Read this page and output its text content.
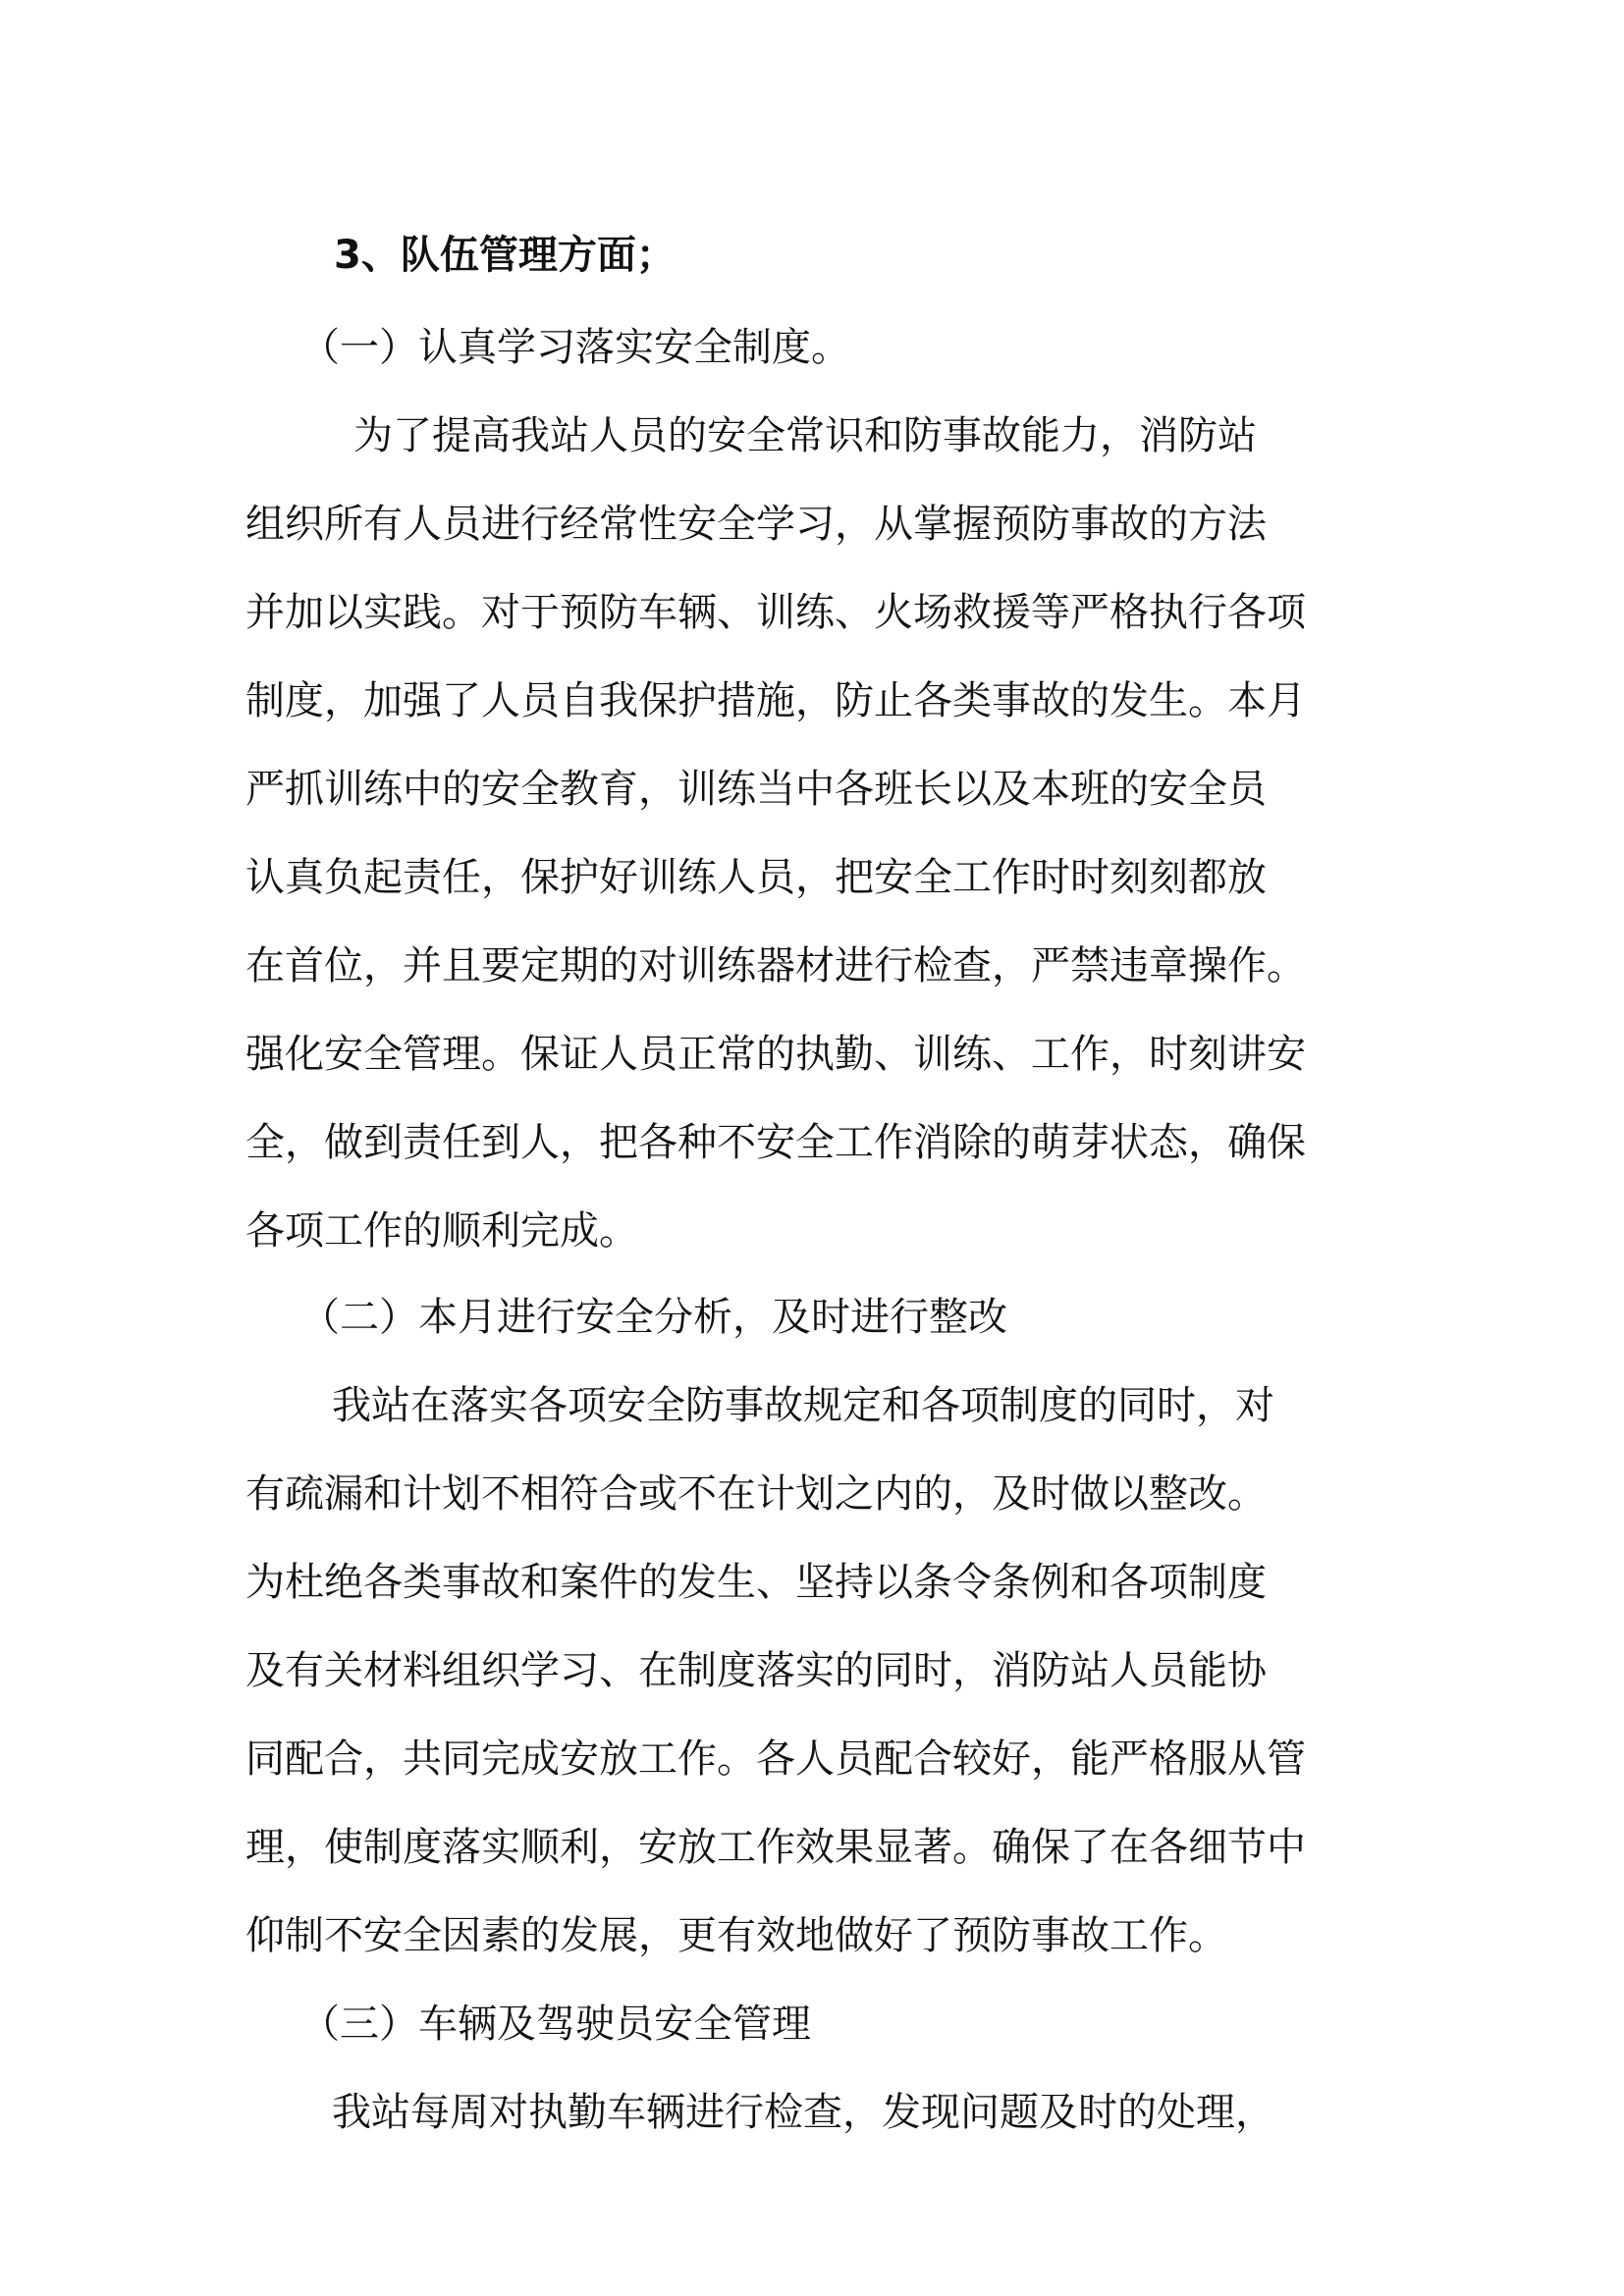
3、队伍管理方面；
（一）认真学习落实安全制度。
为了提高我站人员的安全常识和防事故能力，消防站
组织所有人员进行经常性安全学习，从掌握预防事故的方法
并加以实践。对于预防车辆、训练、火场救援等严格执行各项
制度，加强了人员自我保护措施，防止各类事故的发生。本月
严抓训练中的安全教育，训练当中各班长以及本班的安全员
认真负起责任，保护好训练人员，把安全工作时时刻刻都放
在首位，并且要定期的对训练器材进行检查，严禁违章操作。
强化安全管理。保证人员正常的执勤、训练、工作，时刻讲安
全，做到责任到人，把各种不安全工作消除的萌芽状态，确保
各项工作的顺利完成。
（二）本月进行安全分析，及时进行整改
我站在落实各项安全防事故规定和各项制度的同时，对
有疏漏和计划不相符合或不在计划之内的，及时做以整改。
为杜绝各类事故和案件的发生、坚持以条令条例和各项制度
及有关材料组织学习、在制度落实的同时，消防站人员能协
同配合，共同完成安放工作。各人员配合较好，能严格服从管
理，使制度落实顺利，安放工作效果显著。确保了在各细节中
仰制不安全因素的发展，更有效地做好了预防事故工作。
（三）车辆及驾驶员安全管理
我站每周对执勤车辆进行检查，发现问题及时的处理，
